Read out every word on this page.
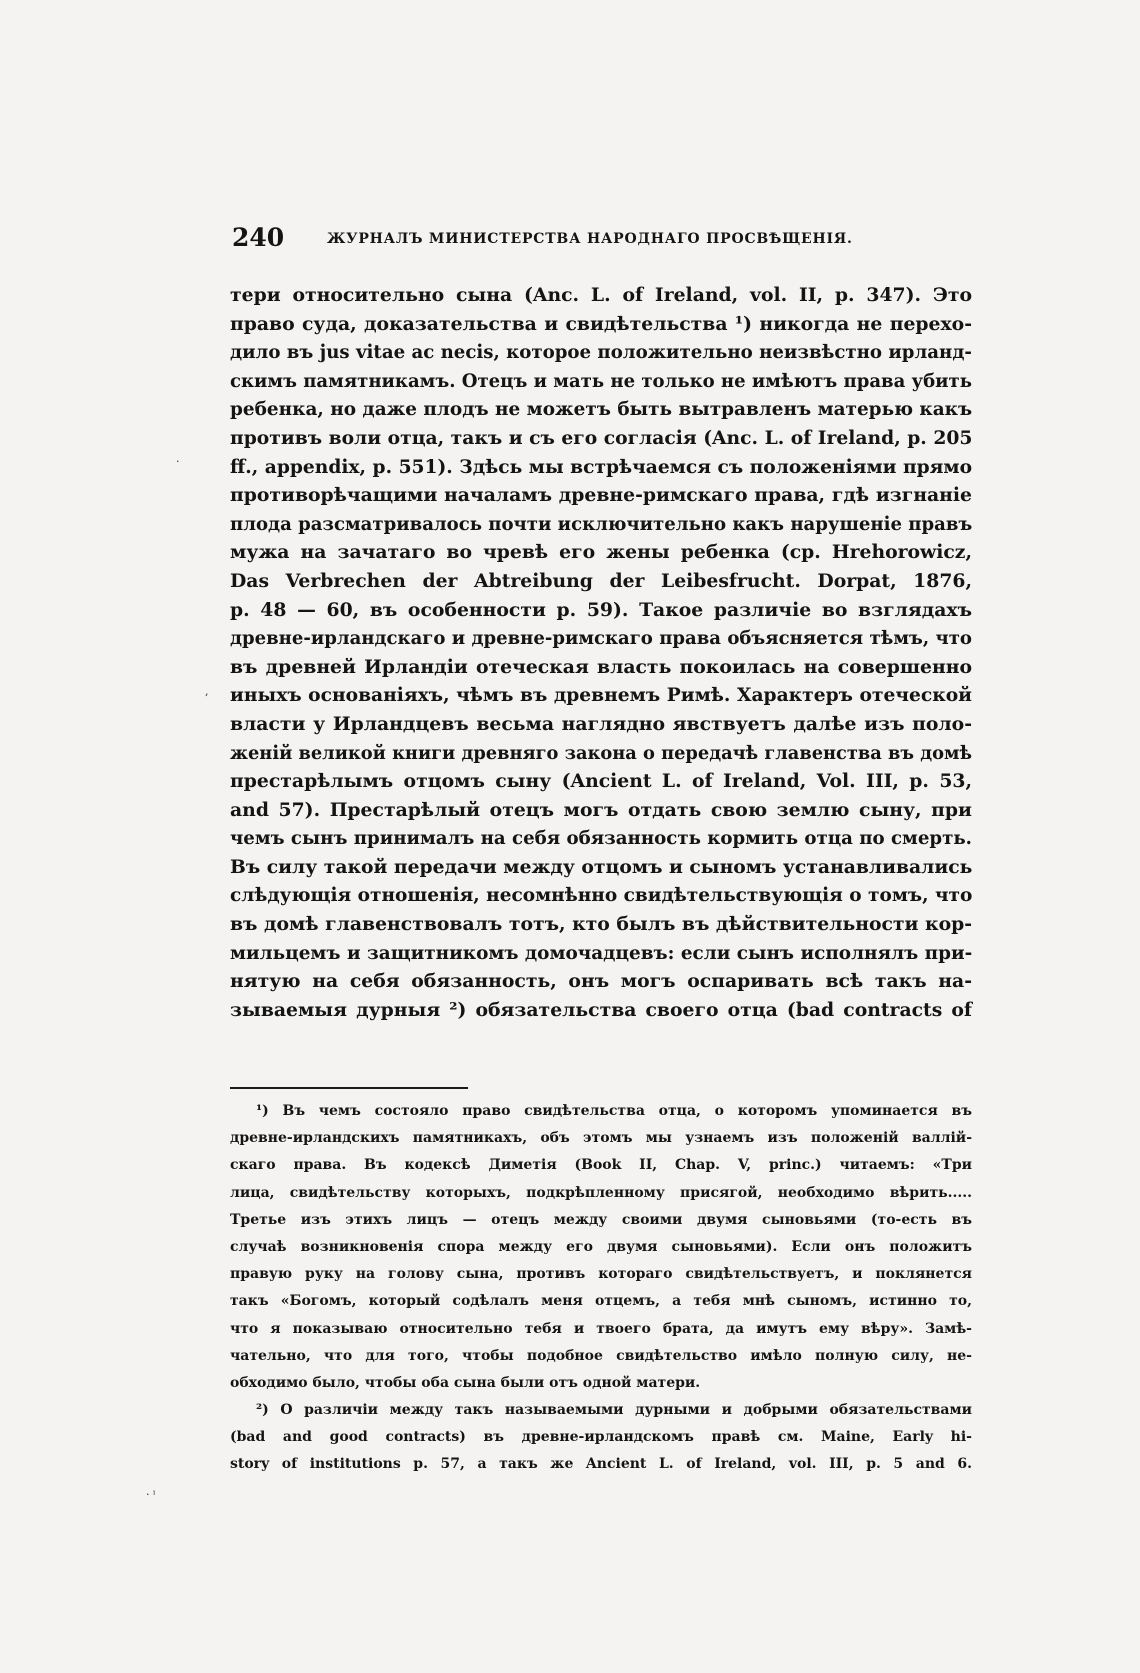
240	ЖУРНАЛЪ МИНИСТЕРСТВА НАРОДНАГО ПРОСВѢЩЕНІЯ.
тери относительно сына (Anc. L. of Ireland, vol. II, p. 347). Это
право суда, доказательства и свидѣтельства ¹) никогда не перехо-
дило въ jus vitae ac necis, которое положительно неизвѣстно ирланд-
скимъ памятникамъ. Отецъ и мать не только не имѣютъ права убить
ребенка, но даже плодъ не можетъ быть вытравленъ матерью какъ
противъ воли отца, такъ и съ его согласія (Anc. L. of Ireland, p. 205
ff., appendix, p. 551). Здѣсь мы встрѣчаемся съ положеніями прямо
противорѣчащими началамъ древне-римскаго права, гдѣ изгнаніе
плода разсматривалось почти исключительно какъ нарушеніе правъ
мужа на зачатаго во чревѣ его жены ребенка (ср. Hrehorowicz,
Das Verbrechen der Abtreibung der Leibesfrucht. Dorpat, 1876,
p. 48 — 60, въ особенности p. 59). Такое различіе во взглядахъ
древне-ирландскаго и древне-римскаго права объясняется тѣмъ, что
въ древней Ирландіи отеческая власть покоилась на совершенно
иныхъ основаніяхъ, чѣмъ въ древнемъ Римѣ. Характеръ отеческой
власти у Ирландцевъ весьма наглядно явствуетъ далѣе изъ поло-
женій великой книги древняго закона о передачѣ главенства въ домѣ
престарѣлымъ отцомъ сыну (Ancient L. of Ireland, Vol. III, p. 53,
and 57). Престарѣлый отецъ могъ отдать свою землю сыну, при
чемъ сынъ принималъ на себя обязанность кормить отца по смерть.
Въ силу такой передачи между отцомъ и сыномъ устанавливались
слѣдующія отношенія, несомнѣнно свидѣтельствующія о томъ, что
въ домѣ главенствовалъ тотъ, кто былъ въ дѣйствительности кор-
мильцемъ и защитникомъ домочадцевъ: если сынъ исполнялъ при-
нятую на себя обязанность, онъ могъ оспаривать всѣ такъ на-
зываемыя дурныя ²) обязательства своего отца (bad contracts of
,
·
· ⁱ
¹) Въ чемъ состояло право свидѣтельства отца, о которомъ упоминается въ
древне-ирландскихъ памятникахъ, объ этомъ мы узнаемъ изъ положеній валлій-
скаго права. Въ кодексѣ Диметія (Book II, Chap. V, princ.) читаемъ: «Три
лица, свидѣтельству которыхъ, подкрѣпленному присягой, необходимо вѣрить.....
Третье изъ этихъ лицъ — отецъ между своими двумя сыновьями (то-есть въ
случаѣ возникновенія спора между его двумя сыновьями). Если онъ положитъ
правую руку на голову сына, противъ котораго свидѣтельствуетъ, и поклянется
такъ «Богомъ, который содѣлалъ меня отцемъ, а тебя мнѣ сыномъ, истинно то,
что я показываю относительно тебя и твоего брата, да имутъ ему вѣру». Замѣ-
чательно, что для того, чтобы подобное свидѣтельство имѣло полную силу, не-
обходимо было, чтобы оба сына были отъ одной матери.
²) О различіи между такъ называемыми дурными и добрыми обязательствами
(bad and good contracts) въ древне-ирландскомъ правѣ см. Maine, Early hi-
story of institutions p. 57, а такъ же Ancient L. of Ireland, vol. III, p. 5 and 6.
